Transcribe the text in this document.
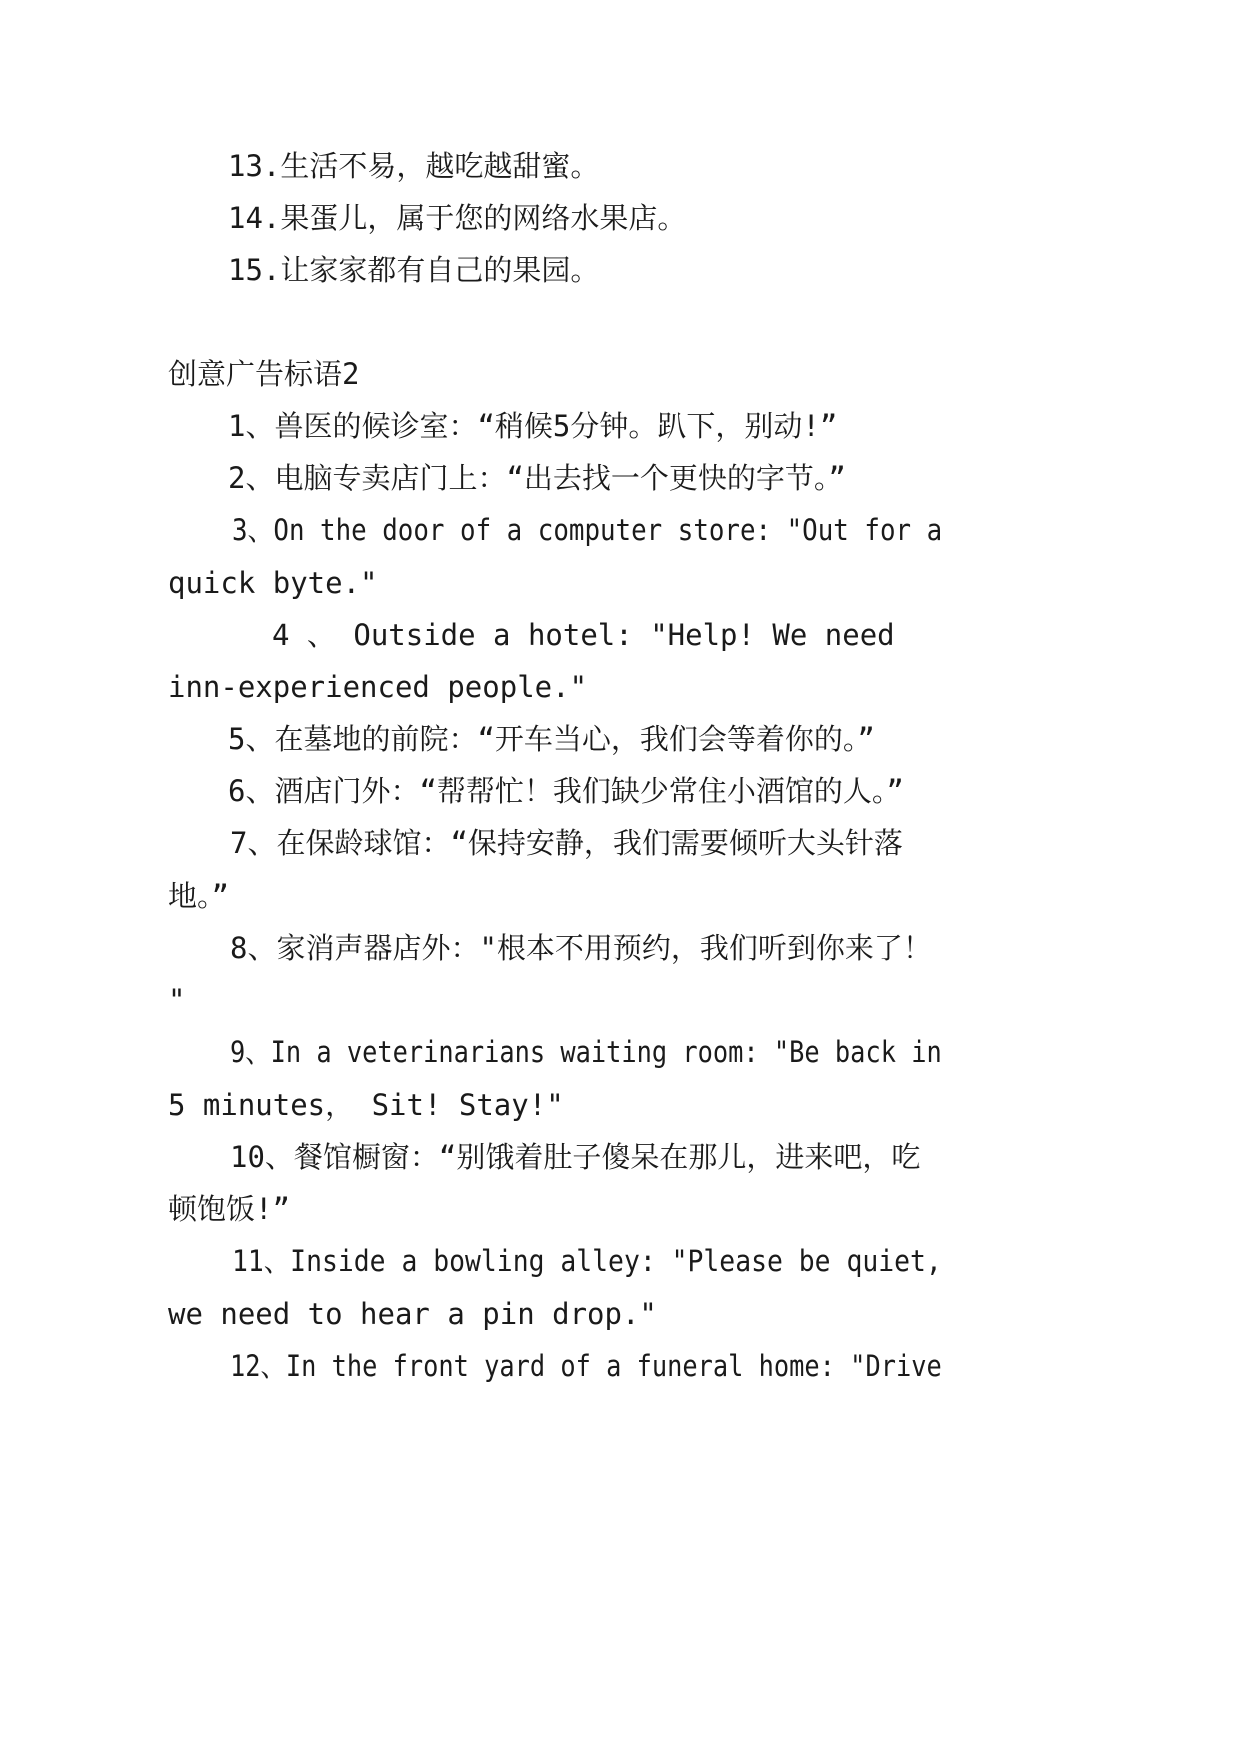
13.生活不易，越吃越甜蜜。
14.果蛋儿，属于您的网络水果店。
15.让家家都有自己的果园。
创意广告标语2
1、兽医的候诊室：“稍候5分钟。趴下，别动!”
2、电脑专卖店门上：“出去找一个更快的字节。”
3、On the door of a computer store: "Out for a
quick byte."
4 、 Outside a hotel: "Help! We need
inn-experienced people."
5、在墓地的前院：“开车当心，我们会等着你的。”
6、酒店门外：“帮帮忙！我们缺少常住小酒馆的人。”
7、在保龄球馆：“保持安静，我们需要倾听大头针落
地。”
8、家消声器店外："根本不用预约，我们听到你来了！
"
9、In a veterinarians waiting room: "Be back in
5 minutes， Sit! Stay!"
10、餐馆橱窗：“别饿着肚子傻呆在那儿，进来吧，吃
顿饱饭!”
11、Inside a bowling alley: "Please be quiet,
we need to hear a pin drop."
12、In the front yard of a funeral home: "Drive
